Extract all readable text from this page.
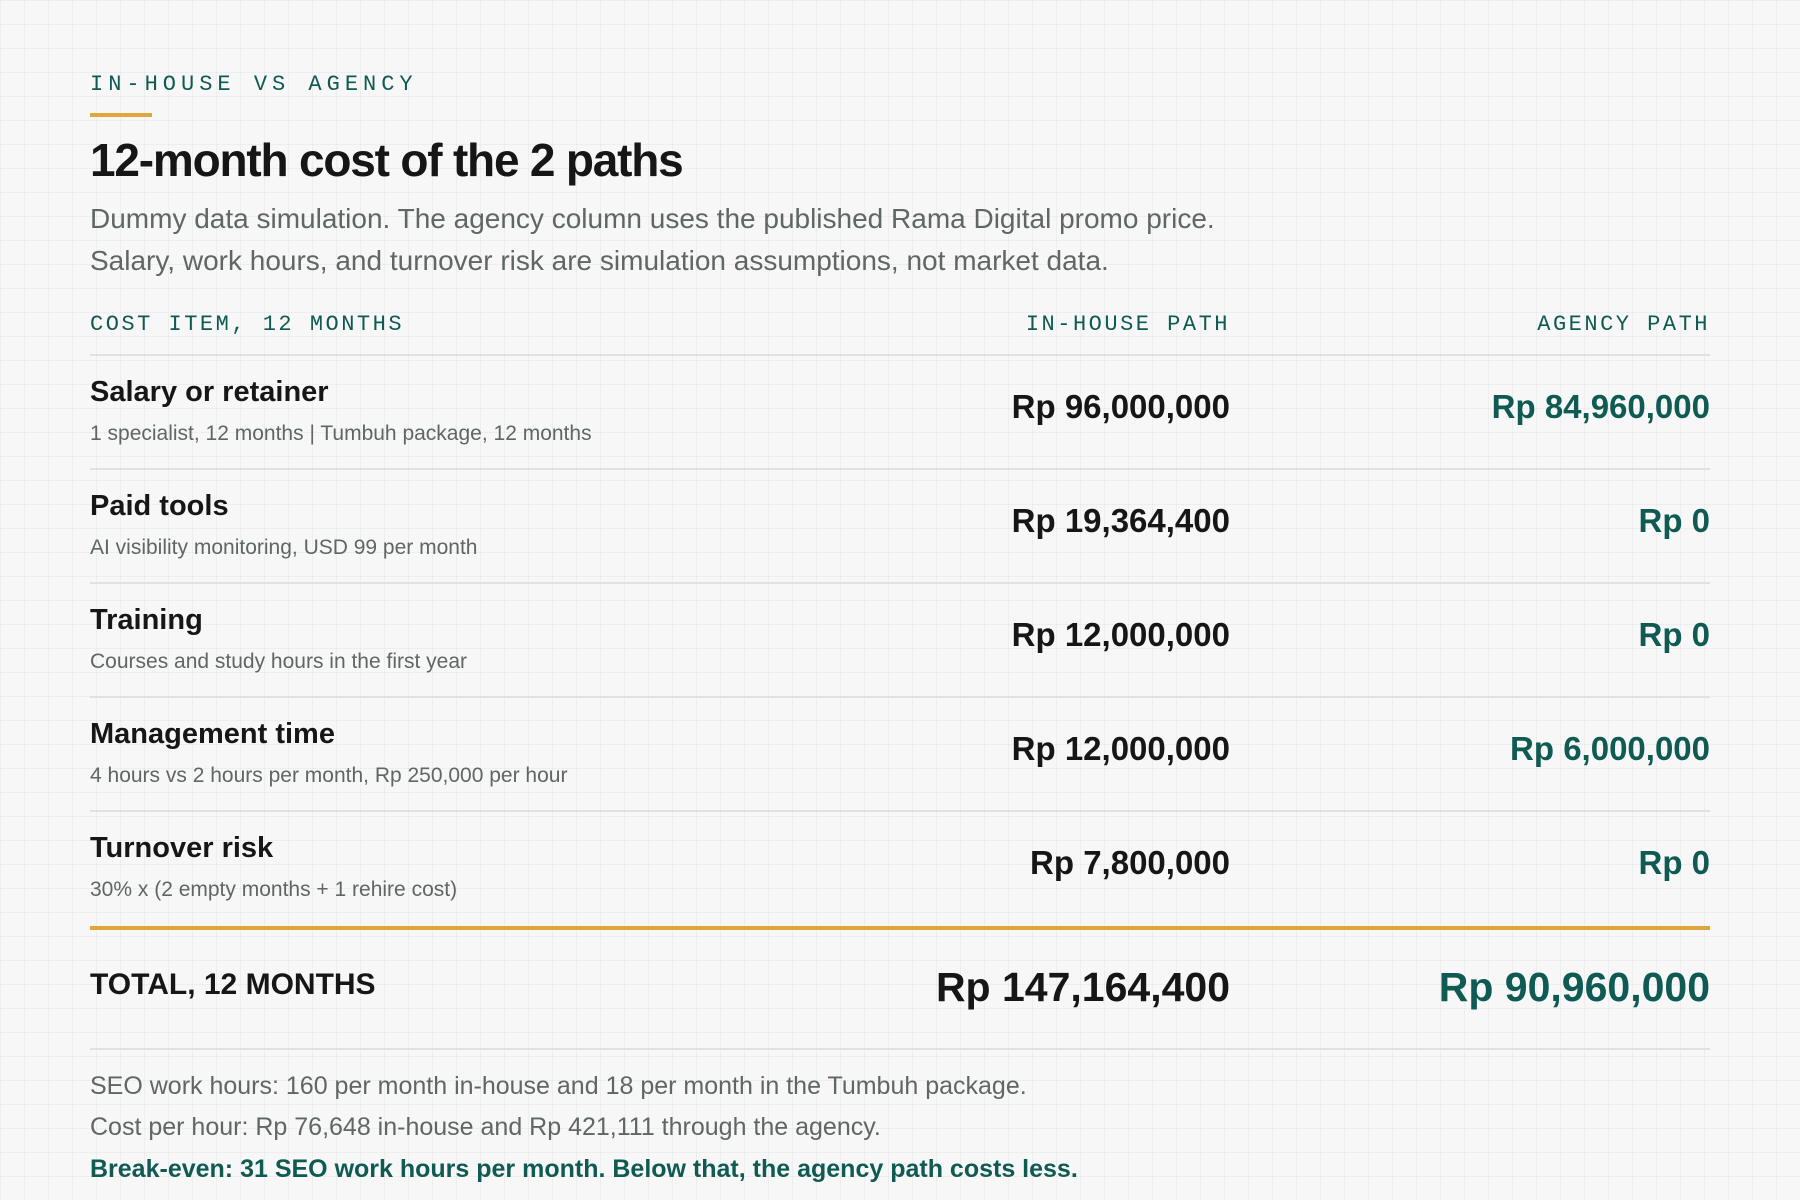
IN-HOUSE VS AGENCY
12-month cost of the 2 paths
Dummy data simulation. The agency column uses the published Rama Digital promo price.
Salary, work hours, and turnover risk are simulation assumptions, not market data.
COST ITEM, 12 MONTHS	IN-HOUSE PATH	AGENCY PATH
Salary or retainer
1 specialist, 12 months | Tumbuh package, 12 months
Rp 96,000,000	Rp 84,960,000
Paid tools
AI visibility monitoring, USD 99 per month
Rp 19,364,400	Rp 0
Training
Courses and study hours in the first year
Rp 12,000,000	Rp 0
Management time
4 hours vs 2 hours per month, Rp 250,000 per hour
Rp 12,000,000	Rp 6,000,000
Turnover risk
30% x (2 empty months + 1 rehire cost)
Rp 7,800,000	Rp 0
TOTAL, 12 MONTHS	Rp 147,164,400	Rp 90,960,000
SEO work hours: 160 per month in-house and 18 per month in the Tumbuh package.
Cost per hour: Rp 76,648 in-house and Rp 421,111 through the agency.
Break-even: 31 SEO work hours per month. Below that, the agency path costs less.
